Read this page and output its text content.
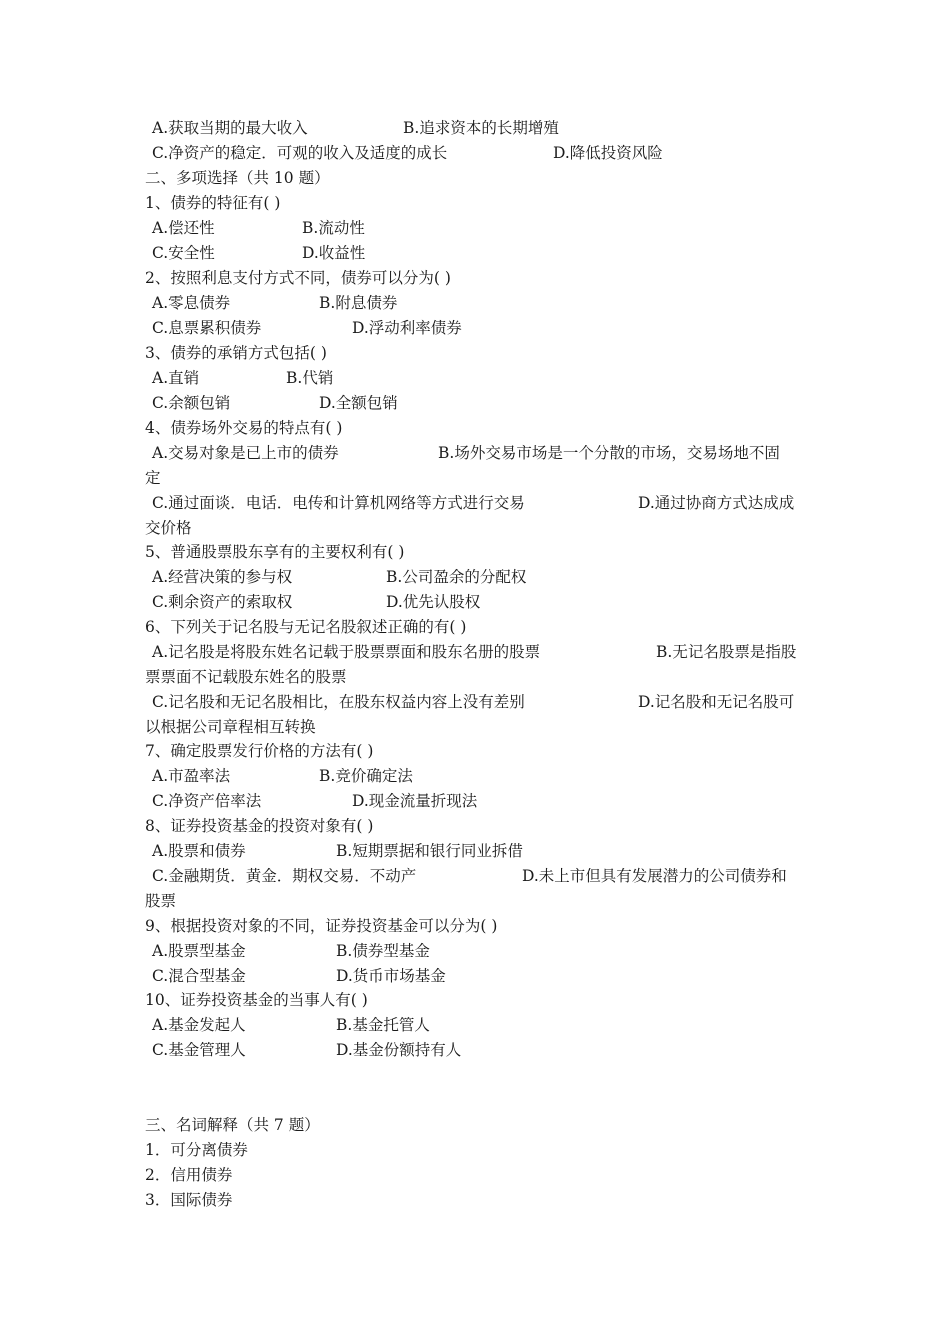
A.获取当期的最大收入	B.追求资本的长期增殖
C.净资产的稳定．可观的收入及适度的成长	D.降低投资风险
二、多项选择（共 10 题）
1、债券的特征有( )
A.偿还性	B.流动性
C.安全性	D.收益性
2、按照利息支付方式不同，债券可以分为( )
A.零息债券	B.附息债券
C.息票累积债券	D.浮动利率债券
3、债券的承销方式包括( )
A.直销	B.代销
C.余额包销	D.全额包销
4、债券场外交易的特点有( )
A.交易对象是已上市的债券	B.场外交易市场是一个分散的市场，交易场地不固
定
C.通过面谈．电话．电传和计算机网络等方式进行交易	D.通过协商方式达成成
交价格
5、普通股票股东享有的主要权利有( )
A.经营决策的参与权	B.公司盈余的分配权
C.剩余资产的索取权	D.优先认股权
6、下列关于记名股与无记名股叙述正确的有( )
A.记名股是将股东姓名记载于股票票面和股东名册的股票	B.无记名股票是指股
票票面不记载股东姓名的股票
C.记名股和无记名股相比，在股东权益内容上没有差别	D.记名股和无记名股可
以根据公司章程相互转换
7、确定股票发行价格的方法有( )
A.市盈率法	B.竞价确定法
C.净资产倍率法	D.现金流量折现法
8、证券投资基金的投资对象有( )
A.股票和债券	B.短期票据和银行同业拆借
C.金融期货．黄金．期权交易．不动产	D.未上市但具有发展潜力的公司债券和
股票
9、根据投资对象的不同，证券投资基金可以分为( )
A.股票型基金	B.债券型基金
C.混合型基金	D.货币市场基金
10、证券投资基金的当事人有( )
A.基金发起人	B.基金托管人
C.基金管理人	D.基金份额持有人
三、名词解释（共 7 题）
1．可分离债券
2．信用债券
3．国际债券
